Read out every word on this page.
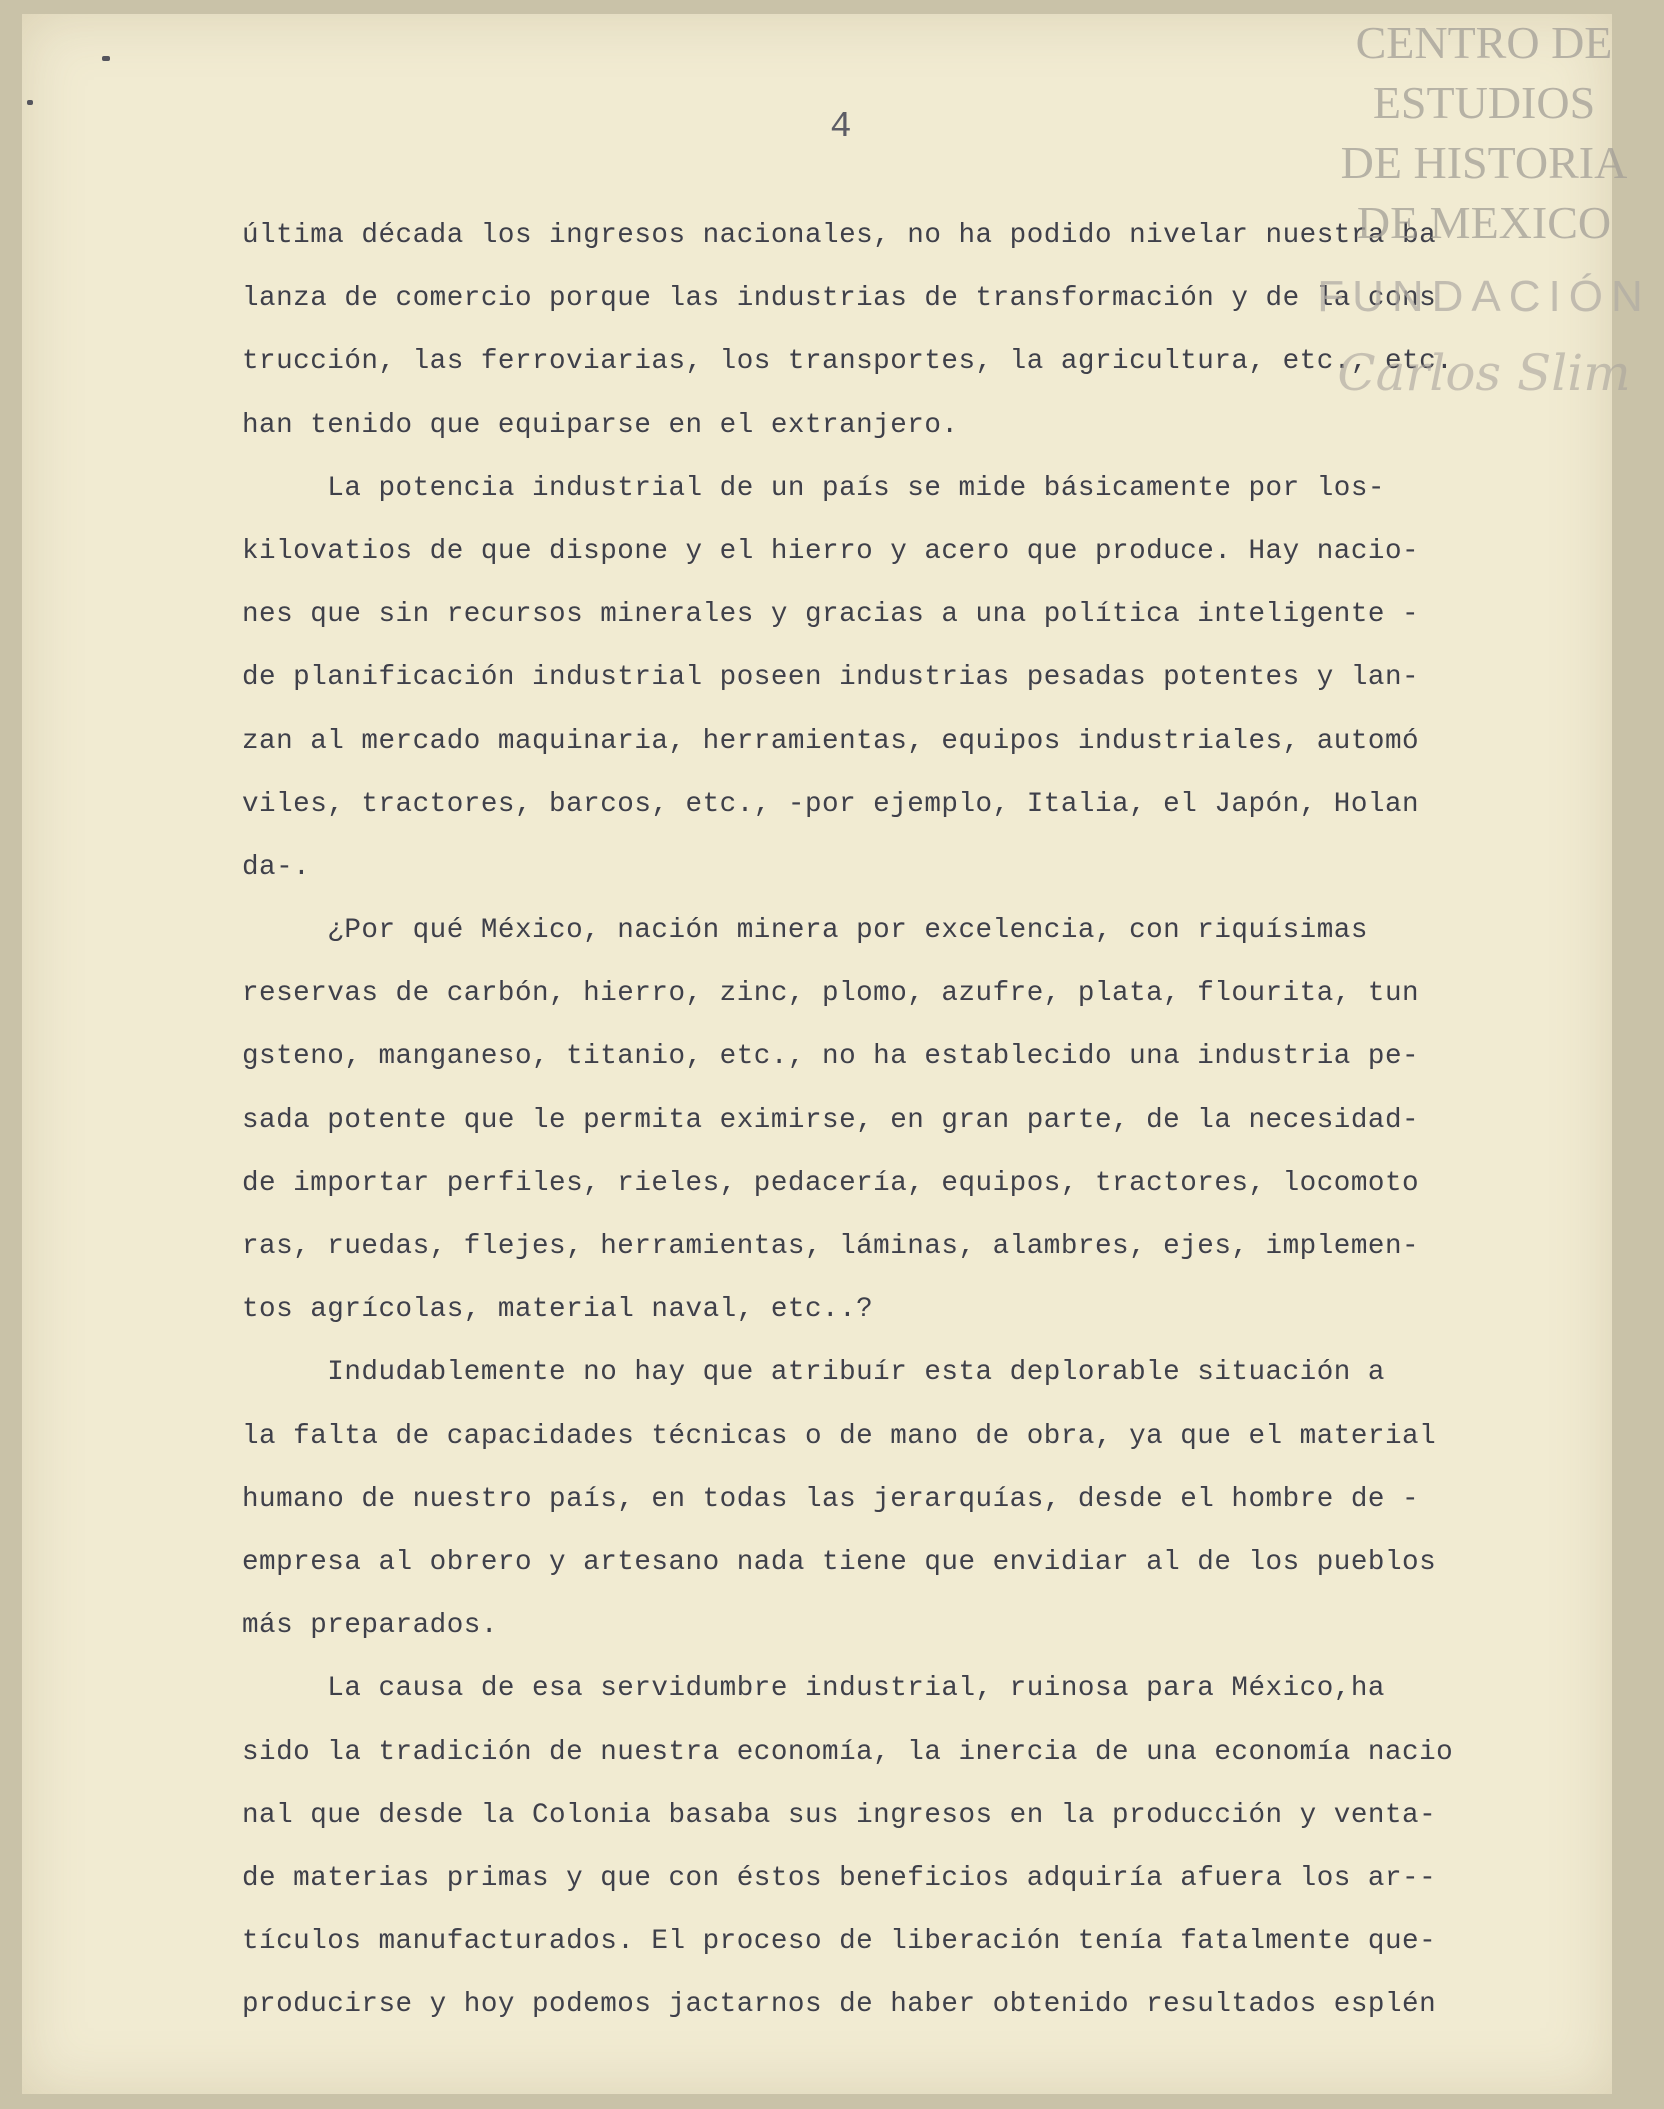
4
última década los ingresos nacionales, no ha podido nivelar nuestra ba
lanza de comercio porque las industrias de transformación y de la cons
trucción, las ferroviarias, los transportes, la agricultura, etc., etc.
han tenido que equiparse en el extranjero.
La potencia industrial de un país se mide básicamente por los-
kilovatios de que dispone y el hierro y acero que produce. Hay nacio-
nes que sin recursos minerales y gracias a una política inteligente -
de planificación industrial poseen industrias pesadas potentes y lan-
zan al mercado maquinaria, herramientas, equipos industriales, automó
viles, tractores, barcos, etc., -por ejemplo, Italia, el Japón, Holan
da-.
¿Por qué México, nación minera por excelencia, con riquísimas
reservas de carbón, hierro, zinc, plomo, azufre, plata, flourita, tun
gsteno, manganeso, titanio, etc., no ha establecido una industria pe-
sada potente que le permita eximirse, en gran parte, de la necesidad-
de importar perfiles, rieles, pedacería, equipos, tractores, locomoto
ras, ruedas, flejes, herramientas, láminas, alambres, ejes, implemen-
tos agrícolas, material naval, etc..?
Indudablemente no hay que atribuír esta deplorable situación a
la falta de capacidades técnicas o de mano de obra, ya que el material
humano de nuestro país, en todas las jerarquías, desde el hombre de -
empresa al obrero y artesano nada tiene que envidiar al de los pueblos
más preparados.
La causa de esa servidumbre industrial, ruinosa para México,ha
sido la tradición de nuestra economía, la inercia de una economía nacio
nal que desde la Colonia basaba sus ingresos en la producción y venta-
de materias primas y que con éstos beneficios adquiría afuera los ar--
tículos manufacturados. El proceso de liberación tenía fatalmente que-
producirse y hoy podemos jactarnos de haber obtenido resultados esplén
CENTRO DE
ESTUDIOS
DE HISTORIA
DE MEXICO
FUNDACIÓN
Carlos Slim
